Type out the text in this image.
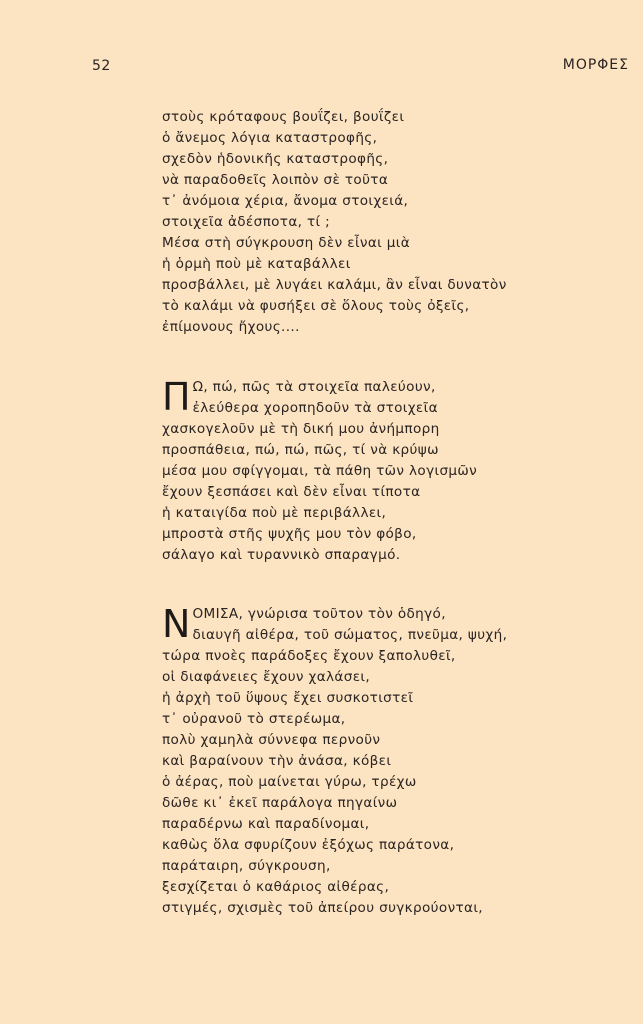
52	ΜΟΡΦΕΣ
στοὺς κρόταφους βουΐζει, βουΐζει
ὁ ἄνεμος λόγια καταστροφῆς,
σχεδὸν ἡδονικῆς καταστροφῆς,
νὰ παραδοθεῖς λοιπὸν σὲ τοῦτα
τ᾽ ἀνόμοια χέρια, ἄνομα στοιχειά,
στοιχεῖα ἀδέσποτα, τί ;
Μέσα στὴ σύγκρουση δὲν εἶναι μιὰ
ἡ ὁρμὴ ποὺ μὲ καταβάλλει
προσβάλλει, μὲ λυγάει καλάμι, ἂν εἶναι δυνατὸν
τὸ καλάμι νὰ φυσήξει σὲ ὅλους τοὺς ὀξεῖς,
ἐπίμονους ἤχους....
Π Ω, πώ, πῶς τὰ στοιχεῖα παλεύουν,
ἐλεύθερα χοροπηδοῦν τὰ στοιχεῖα
χασκογελοῦν μὲ τὴ δική μου ἀνήμπορη
προσπάθεια, πώ, πώ, πῶς, τί νὰ κρύψω
μέσα μου σφίγγομαι, τὰ πάθη τῶν λογισμῶν
ἔχουν ξεσπάσει καὶ δὲν εἶναι τίποτα
ἡ καταιγίδα ποὺ μὲ περιβάλλει,
μπροστὰ στῆς ψυχῆς μου τὸν φόβο,
σάλαγο καὶ τυραννικὸ σπαραγμό.
Ν ΟΜΙΣΑ, γνώρισα τοῦτον τὸν ὁδηγό,
διαυγῆ αἰθέρα, τοῦ σώματος, πνεῦμα, ψυχή,
τώρα πνοὲς παράδοξες ἔχουν ξαπολυθεῖ,
οἱ διαφάνειες ἔχουν χαλάσει,
ἡ ἀρχὴ τοῦ ὕψους ἔχει συσκοτιστεῖ
τ᾽ οὐρανοῦ τὸ στερέωμα,
πολὺ χαμηλὰ σύννεφα περνοῦν
καὶ βαραίνουν τὴν ἀνάσα, κόβει
ὁ ἀέρας, ποὺ μαίνεται γύρω, τρέχω
δῶθε κι᾽ ἐκεῖ παράλογα πηγαίνω
παραδέρνω καὶ παραδίνομαι,
καθὼς ὅλα σφυρίζουν ἐξόχως παράτονα,
παράταιρη, σύγκρουση,
ξεσχίζεται ὁ καθάριος αἰθέρας,
στιγμές, σχισμὲς τοῦ ἀπείρου συγκρούονται,
